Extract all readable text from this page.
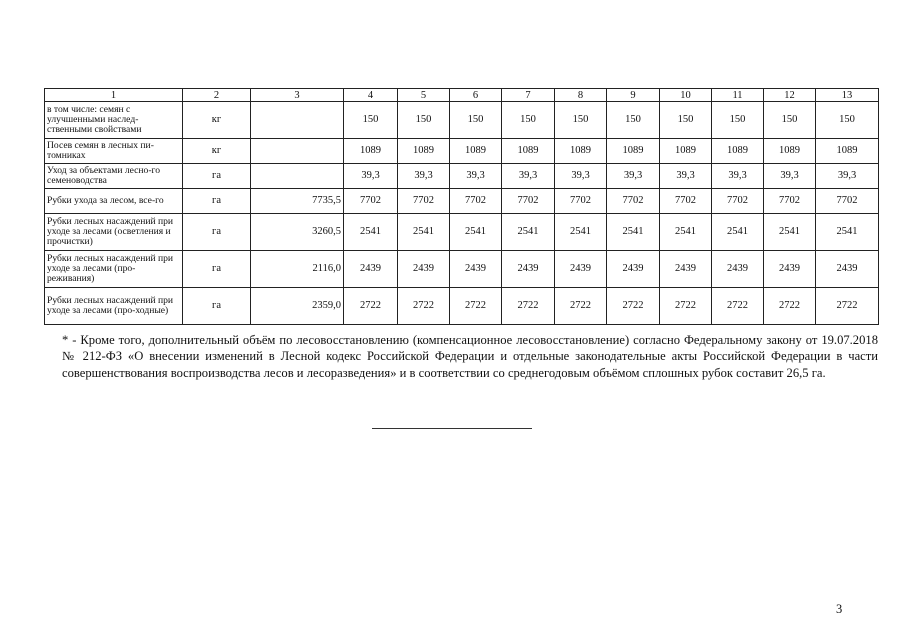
1	2	3	4	5	6	7	8	9	10	11	12	13
в том числе: семян с улучшенными наслед-ственными свойствами	кг		150	150	150	150	150	150	150	150	150	150
Посев семян в лесных пи-томниках	кг		1089	1089	1089	1089	1089	1089	1089	1089	1089	1089
Уход за объектами лесно-го семеноводства	га		39,3	39,3	39,3	39,3	39,3	39,3	39,3	39,3	39,3	39,3
Рубки ухода за лесом, все-го	га	7735,5	7702	7702	7702	7702	7702	7702	7702	7702	7702	7702
Рубки лесных насаждений при уходе за лесами (осветления и прочистки)	га	3260,5	2541	2541	2541	2541	2541	2541	2541	2541	2541	2541
Рубки лесных насаждений при уходе за лесами (про-реживания)	га	2116,0	2439	2439	2439	2439	2439	2439	2439	2439	2439	2439
Рубки лесных насаждений при уходе за лесами (про-ходные)	га	2359,0	2722	2722	2722	2722	2722	2722	2722	2722	2722	2722
* - Кроме того, дополнительный объём по лесовосстановлению (компенсационное лесовосстановление) согласно Федеральному закону от 19.07.2018 № 212-ФЗ «О внесении изменений в Лесной кодекс Российской Федерации и отдельные законодательные акты Российской Федерации в части совершенствования воспроизводства лесов и лесоразведения» и в соответствии со среднегодовым объёмом сплошных рубок составит 26,5 га.
3
